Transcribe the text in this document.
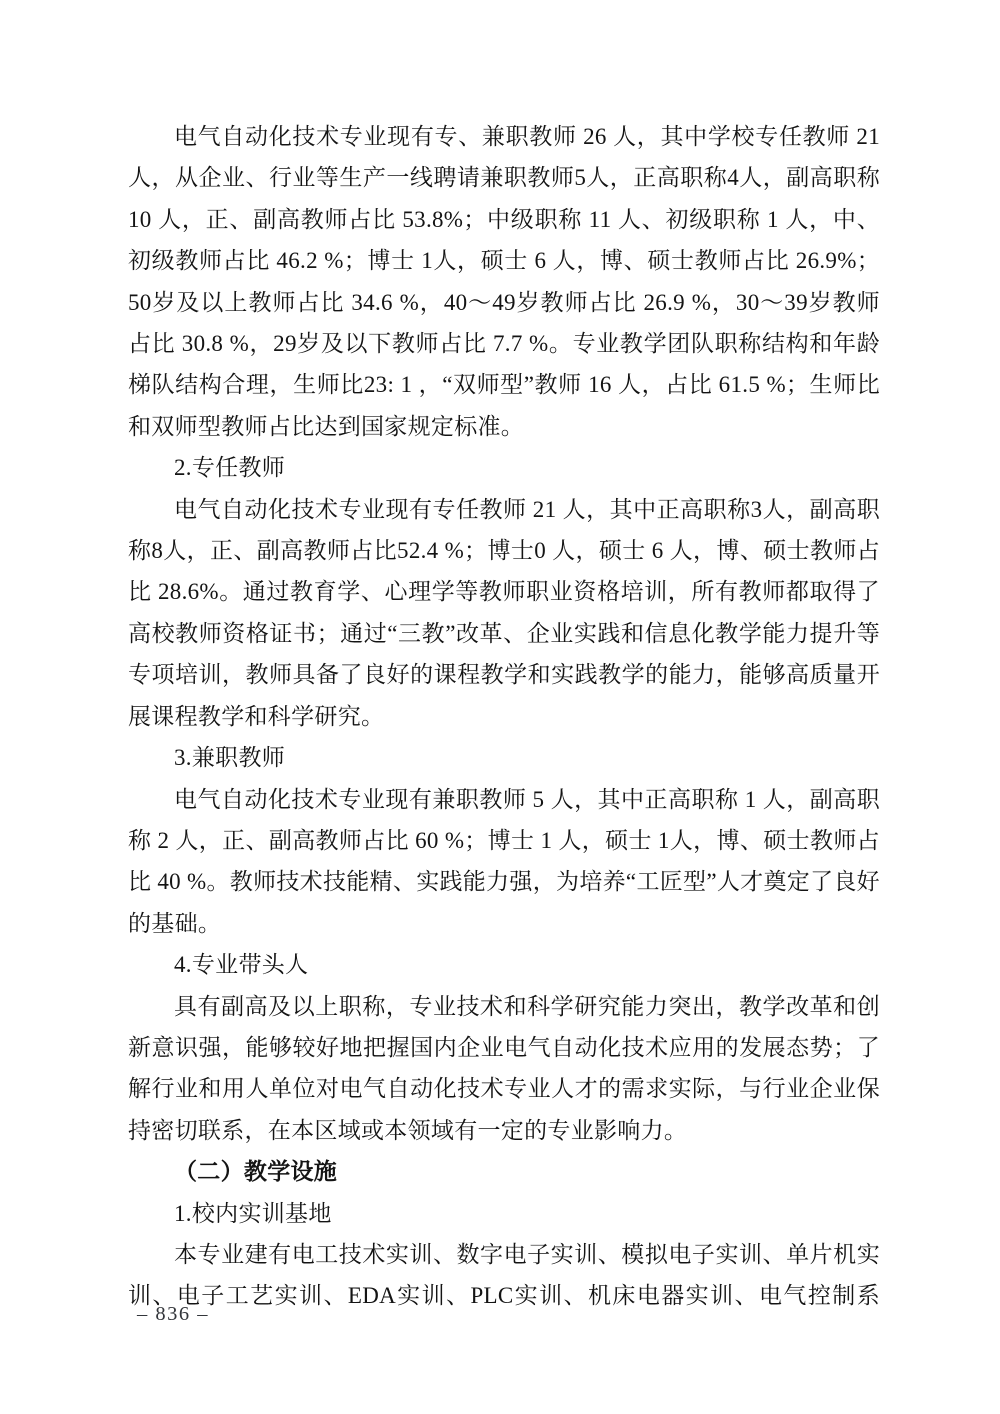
电气自动化技术专业现有专、兼职教师 26 人，其中学校专任教师 21 人，从企业、行业等生产一线聘请兼职教师5人，正高职称4人，副高职称 10 人，正、副高教师占比 53.8%；中级职称 11 人、初级职称 1 人，中、初级教师占比 46.2 %；博士 1人，硕士 6 人，博、硕士教师占比 26.9%； 50岁及以上教师占比 34.6 %，40～49岁教师占比 26.9 %，30～39岁教师占比 30.8 %，29岁及以下教师占比 7.7 %。专业教学团队职称结构和年龄梯队结构合理，生师比23: 1 ，“双师型”教师 16 人，占比 61.5 %；生师比和双师型教师占比达到国家规定标准。

2.专任教师

电气自动化技术专业现有专任教师 21 人，其中正高职称3人，副高职称8人，正、副高教师占比52.4 %；博士0 人，硕士 6 人，博、硕士教师占比 28.6%。通过教育学、心理学等教师职业资格培训，所有教师都取得了高校教师资格证书；通过“三教”改革、企业实践和信息化教学能力提升等专项培训，教师具备了良好的课程教学和实践教学的能力，能够高质量开展课程教学和科学研究。

3.兼职教师

电气自动化技术专业现有兼职教师 5 人，其中正高职称 1 人，副高职称 2 人，正、副高教师占比 60 %；博士 1 人，硕士 1人，博、硕士教师占比 40 %。教师技术技能精、实践能力强，为培养“工匠型”人才奠定了良好的基础。

4.专业带头人

具有副高及以上职称，专业技术和科学研究能力突出，教学改革和创新意识强，能够较好地把握国内企业电气自动化技术应用的发展态势；了解行业和用人单位对电气自动化技术专业人才的需求实际，与行业企业保持密切联系，在本区域或本领域有一定的专业影响力。

（二）教学设施

1.校内实训基地

本专业建有电工技术实训、数字电子实训、模拟电子实训、单片机实训、电子工艺实训、EDA实训、PLC实训、机床电器实训、电气控制系

– 836 –
